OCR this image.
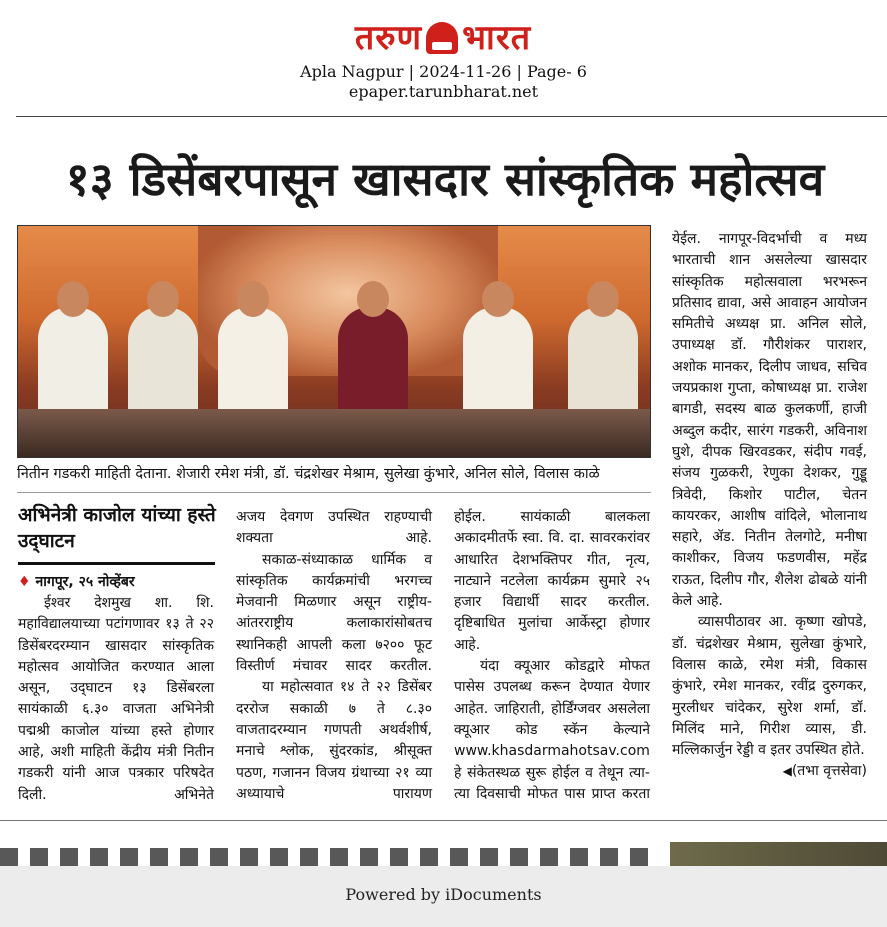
तरुण भारत
Apla Nagpur | 2024-11-26 | Page- 6
epaper.tarunbharat.net
१३ डिसेंबरपासून खासदार सांस्कृतिक महोत्सव
नितीन गडकरी माहिती देताना. शेजारी रमेश मंत्री, डॉ. चंद्रशेखर मेश्राम, सुलेखा कुंभारे, अनिल सोले, विलास काळे
अभिनेत्री काजोल यांच्या हस्ते उद्‌घाटन
♦ नागपूर, २५ नोव्हेंबर

ईश्वर देशमुख शा. शि. महाविद्यालयाच्या पटांगणावर १३ ते २२ डिसेंबरदरम्यान खासदार सांस्कृतिक महोत्सव आयोजित करण्यात आला असून, उद्‌घाटन १३ डिसेंबरला सायंकाळी ६.३० वाजता अभिनेत्री पद्मश्री काजोल यांच्या हस्ते होणार आहे, अशी माहिती केंद्रीय मंत्री नितीन गडकरी यांनी आज पत्रकार परिषदेत दिली. अभिनेते

अजय देवगण उपस्थित राहण्याची शक्यता आहे.

सकाळ-संध्याकाळ धार्मिक व सांस्कृतिक कार्यक्रमांची भरगच्च मेजवानी मिळणार असून राष्ट्रीय-आंतरराष्ट्रीय कलाकारांसोबतच स्थानिकही आपली कला ७२०० फूट विस्तीर्ण मंचावर सादर करतील.

या महोत्सवात १४ ते २२ डिसेंबर दररोज सकाळी ७ ते ८.३० वाजतादरम्यान गणपती अथर्वशीर्ष, मनाचे श्लोक, सुंदरकांड, श्रीसूक्त पठण, गजानन विजय ग्रंथाच्या २१ व्या अध्यायाचे पारायण

होईल. सायंकाळी बालकला अकादमीतर्फे स्वा. वि. दा. सावरकरांवर आधारित देशभक्तिपर गीत, नृत्य, नाट्याने नटलेला कार्यक्रम सुमारे २५ हजार विद्यार्थी सादर करतील. दृष्टिबाधित मुलांचा आर्केस्ट्रा होणार आहे.

यंदा क्यूआर कोडद्वारे मोफत पासेस उपलब्ध करून देण्यात येणार आहेत. जाहिराती, होर्डिंग्जवर असलेला क्यूआर कोड स्कॅन केल्याने www.khasdarmahotsav.com हे संकेतस्थळ सुरू होईल व तेथून त्या-त्या दिवसाची मोफत पास प्राप्त करता

येईल. नागपूर-विदर्भाची व मध्य भारताची शान असलेल्या खासदार सांस्कृतिक महोत्सवाला भरभरून प्रतिसाद द्यावा, असे आवाहन आयोजन समितीचे अध्यक्ष प्रा. अनिल सोले, उपाध्यक्ष डॉ. गौरीशंकर पाराशर, अशोक मानकर, दिलीप जाधव, सचिव जयप्रकाश गुप्ता, कोषाध्यक्ष प्रा. राजेश बागडी, सदस्य बाळ कुलकर्णी, हाजी अब्दुल कदीर, सारंग गडकरी, अविनाश घुशे, दीपक खिरवडकर, संदीप गवई, संजय गुळकरी, रेणुका देशकर, गुड्डू त्रिवेदी, किशोर पाटील, चेतन कायरकर, आशीष वांदिले, भोलानाथ सहारे, ॲड. नितीन तेलगोटे, मनीषा काशीकर, विजय फडणवीस, महेंद्र राऊत, दिलीप गौर, शैलेश ढोबळे यांनी केले आहे.

व्यासपीठावर आ. कृष्णा खोपडे, डॉ. चंद्रशेखर मेश्राम, सुलेखा कुंभारे, विलास काळे, रमेश मंत्री, विकास कुंभारे, रमेश मानकर, रवींद्र दुरुगकर, मुरलीधर चांदेकर, सुरेश शर्मा, डॉ. मिलिंद माने, गिरीश व्यास, डी. मल्लिकार्जुन रेड्डी व इतर उपस्थित होते.

◀(तभा वृत्तसेवा)
Powered by iDocuments
